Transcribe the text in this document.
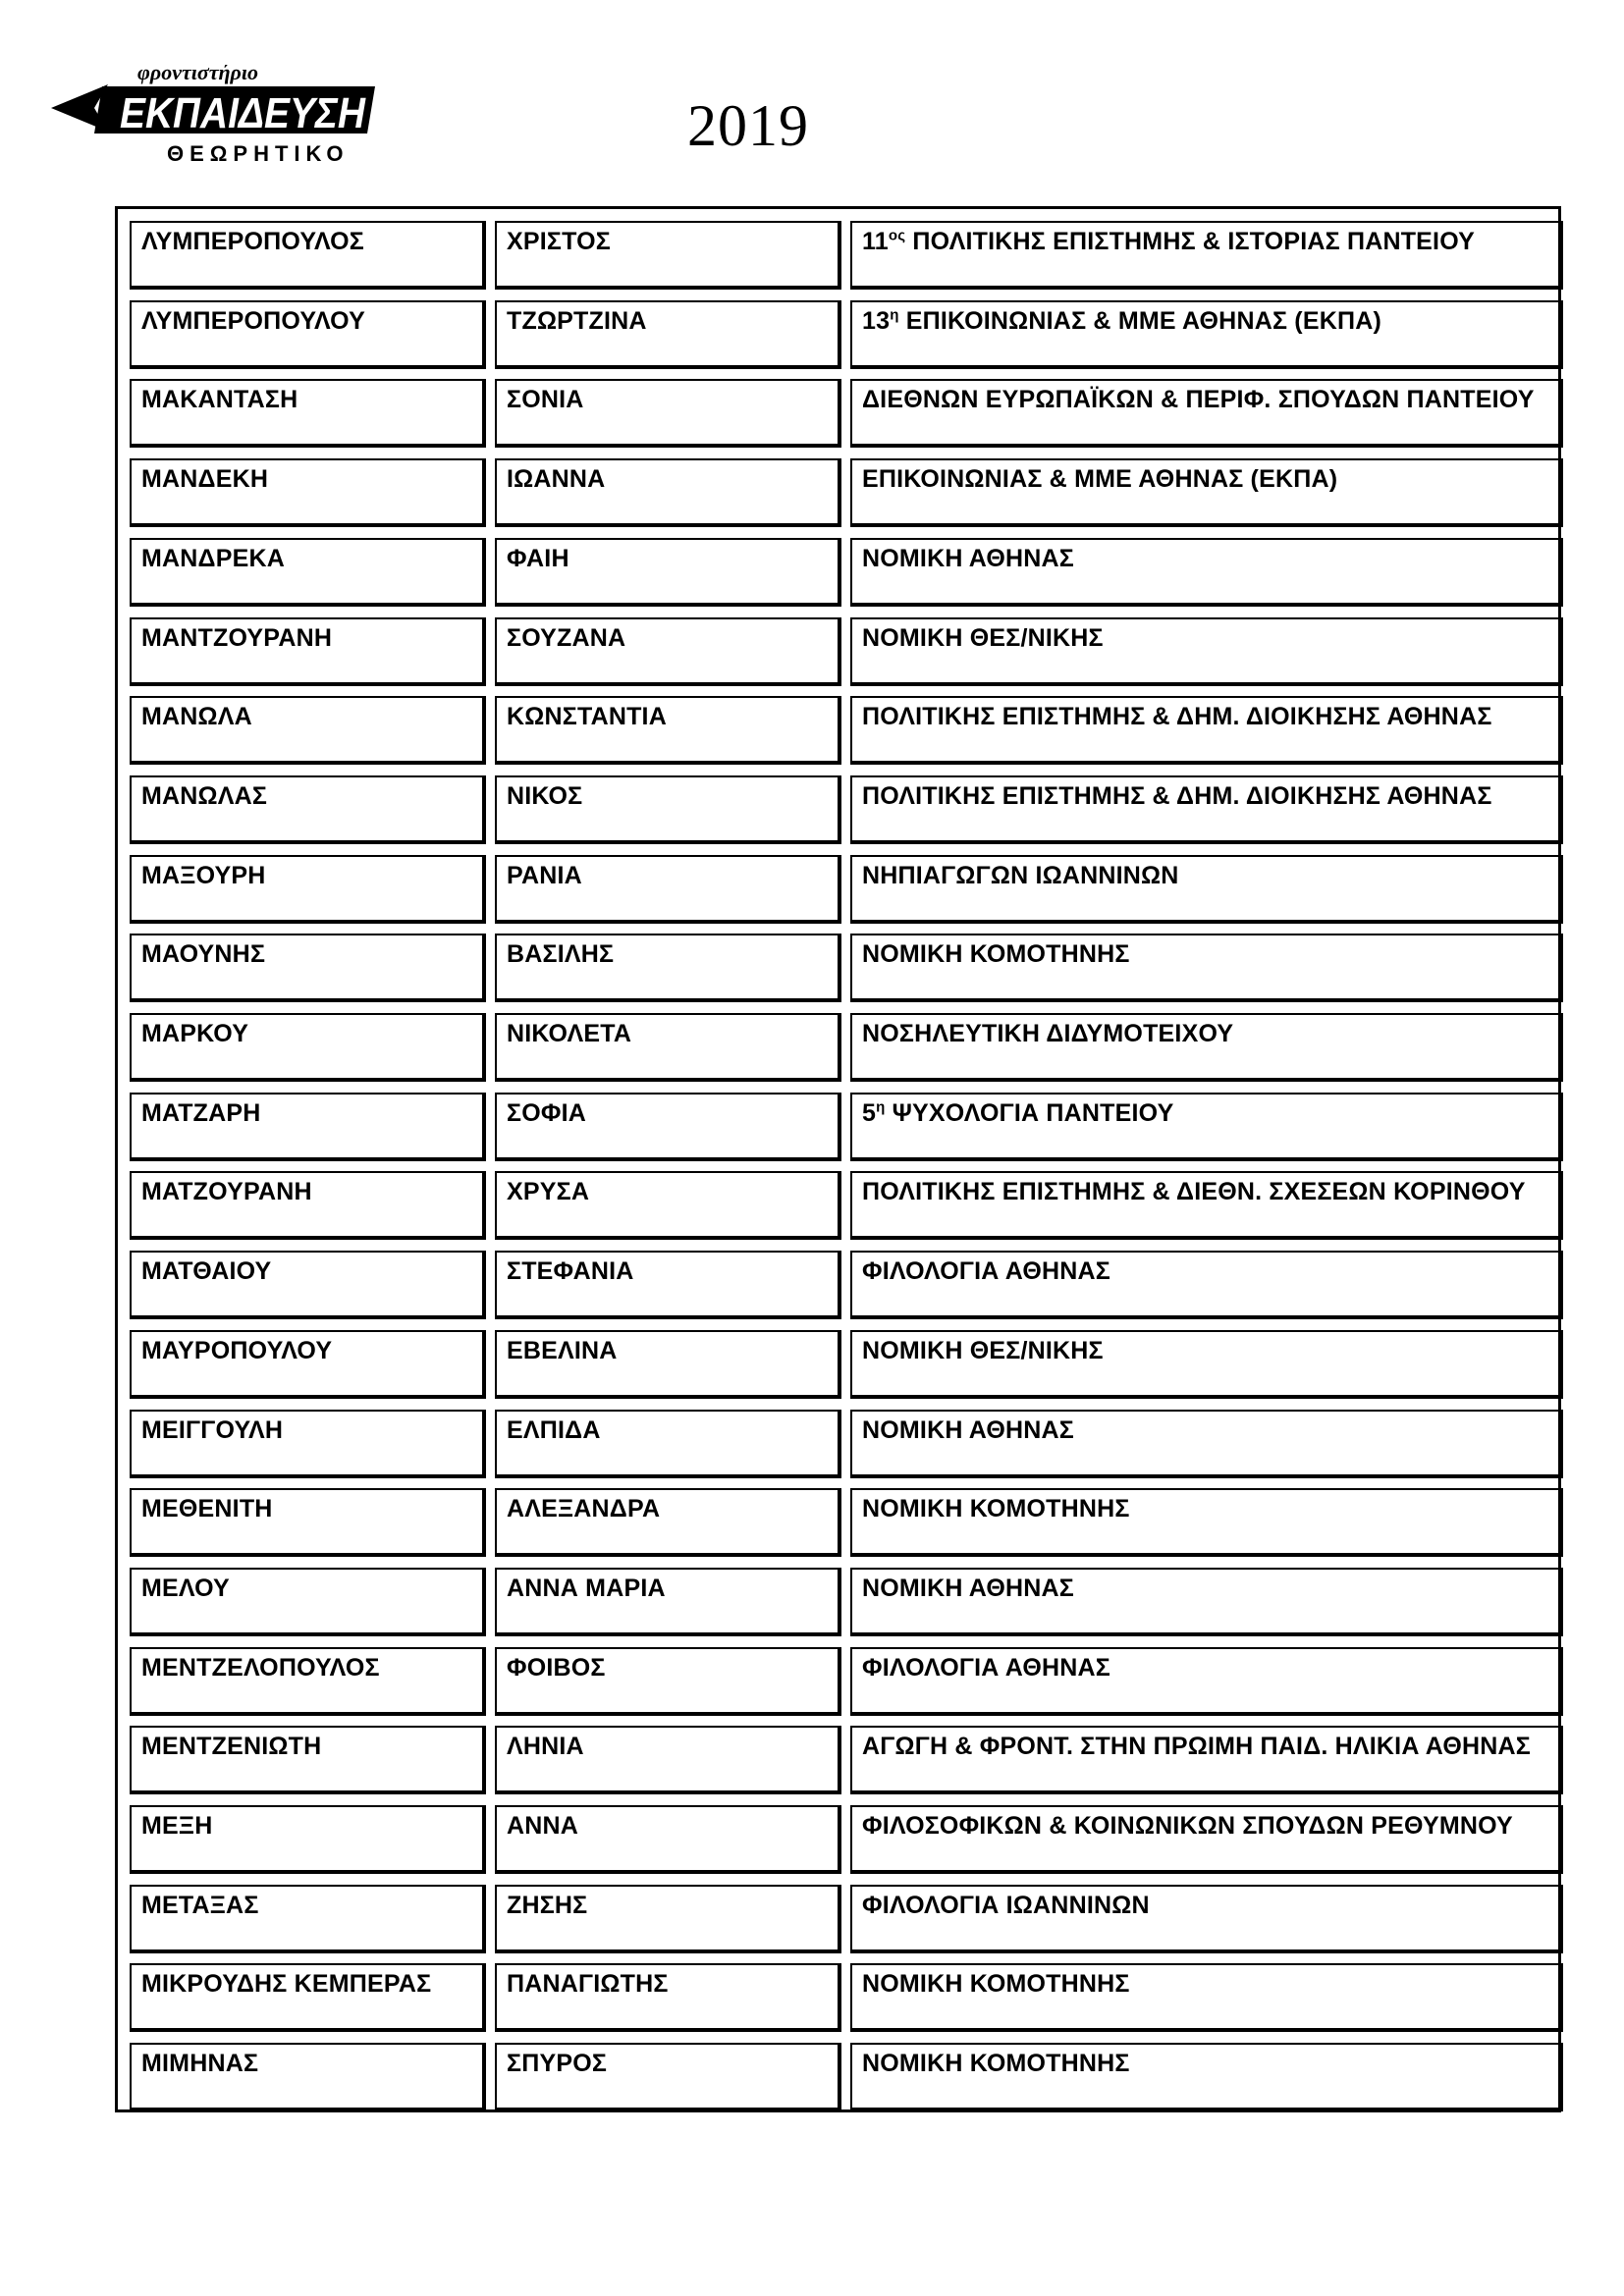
φροντιστήριο
ΕΚΠΑΙΔΕΥΣΗ
ΘΕΩΡΗΤΙΚΟ	2019
ΛΥΜΠΕΡΟΠΟΥΛΟΣ	ΧΡΙΣΤΟΣ	$11^{o\varsigma}$ ΠΟΛΙΤΙΚΗΣ ΕΠΙΣΤΗΜΗΣ & ΙΣΤΟΡΙΑΣ ΠΑΝΤΕΙΟΥ
ΛΥΜΠΕΡΟΠΟΥΛΟΥ	ΤΖΩΡΤΖΙΝΑ	$13^\eta$ ΕΠΙΚΟΙΝΩΝΙΑΣ & ΜΜΕ ΑΘΗΝΑΣ (ΕΚΠΑ)
ΜΑΚΑΝΤΑΣΗ	ΣΟΝΙΑ	ΔΙΕΘΝΩΝ ΕΥΡΩΠΑΪΚΩΝ & ΠΕΡΙΦ. ΣΠΟΥΔΩΝ ΠΑΝΤΕΙΟΥ
ΜΑΝΔΕΚΗ	ΙΩΑΝΝΑ	ΕΠΙΚΟΙΝΩΝΙΑΣ & ΜΜΕ ΑΘΗΝΑΣ (ΕΚΠΑ)
ΜΑΝΔΡΕΚΑ	ΦΑΙΗ	ΝΟΜΙΚΗ ΑΘΗΝΑΣ
ΜΑΝΤΖΟΥΡΑΝΗ	ΣΟΥΖΑΝΑ	ΝΟΜΙΚΗ ΘΕΣ/ΝΙΚΗΣ
ΜΑΝΩΛΑ	ΚΩΝΣΤΑΝΤΙΑ	ΠΟΛΙΤΙΚΗΣ ΕΠΙΣΤΗΜΗΣ & ΔΗΜ. ΔΙΟΙΚΗΣΗΣ ΑΘΗΝΑΣ
ΜΑΝΩΛΑΣ	ΝΙΚΟΣ	ΠΟΛΙΤΙΚΗΣ ΕΠΙΣΤΗΜΗΣ & ΔΗΜ. ΔΙΟΙΚΗΣΗΣ ΑΘΗΝΑΣ
ΜΑΞΟΥΡΗ	ΡΑΝΙΑ	ΝΗΠΙΑΓΩΓΩΝ ΙΩΑΝΝΙΝΩΝ
ΜΑΟΥΝΗΣ	ΒΑΣΙΛΗΣ	ΝΟΜΙΚΗ ΚΟΜΟΤΗΝΗΣ
ΜΑΡΚΟΥ	ΝΙΚΟΛΕΤΑ	ΝΟΣΗΛΕΥΤΙΚΗ ΔΙΔΥΜΟΤΕΙΧΟΥ
ΜΑΤΖΑΡΗ	ΣΟΦΙΑ	$5^\eta$ ΨΥΧΟΛΟΓΙΑ ΠΑΝΤΕΙΟΥ
ΜΑΤΖΟΥΡΑΝΗ	ΧΡΥΣΑ	ΠΟΛΙΤΙΚΗΣ ΕΠΙΣΤΗΜΗΣ & ΔΙΕΘΝ. ΣΧΕΣΕΩΝ ΚΟΡΙΝΘΟΥ
ΜΑΤΘΑΙΟΥ	ΣΤΕΦΑΝΙΑ	ΦΙΛΟΛΟΓΙΑ ΑΘΗΝΑΣ
ΜΑΥΡΟΠΟΥΛΟΥ	ΕΒΕΛΙΝΑ	ΝΟΜΙΚΗ ΘΕΣ/ΝΙΚΗΣ
ΜΕΙΓΓΟΥΛΗ	ΕΛΠΙΔΑ	ΝΟΜΙΚΗ ΑΘΗΝΑΣ
ΜΕΘΕΝΙΤΗ	ΑΛΕΞΑΝΔΡΑ	ΝΟΜΙΚΗ ΚΟΜΟΤΗΝΗΣ
ΜΕΛΟΥ	ΑΝΝΑ ΜΑΡΙΑ	ΝΟΜΙΚΗ ΑΘΗΝΑΣ
ΜΕΝΤΖΕΛΟΠΟΥΛΟΣ	ΦΟΙΒΟΣ	ΦΙΛΟΛΟΓΙΑ ΑΘΗΝΑΣ
ΜΕΝΤΖΕΝΙΩΤΗ	ΛΗΝΙΑ	ΑΓΩΓΗ & ΦΡΟΝΤ. ΣΤΗΝ ΠΡΩΙΜΗ ΠΑΙΔ. ΗΛΙΚΙΑ ΑΘΗΝΑΣ
ΜΕΞΗ	ΑΝΝΑ	ΦΙΛΟΣΟΦΙΚΩΝ & ΚΟΙΝΩΝΙΚΩΝ ΣΠΟΥΔΩΝ ΡΕΘΥΜΝΟΥ
ΜΕΤΑΞΑΣ	ΖΗΣΗΣ	ΦΙΛΟΛΟΓΙΑ ΙΩΑΝΝΙΝΩΝ
ΜΙΚΡΟΥΔΗΣ ΚΕΜΠΕΡΑΣ	ΠΑΝΑΓΙΩΤΗΣ	ΝΟΜΙΚΗ ΚΟΜΟΤΗΝΗΣ
ΜΙΜΗΝΑΣ	ΣΠΥΡΟΣ	ΝΟΜΙΚΗ ΚΟΜΟΤΗΝΗΣ
